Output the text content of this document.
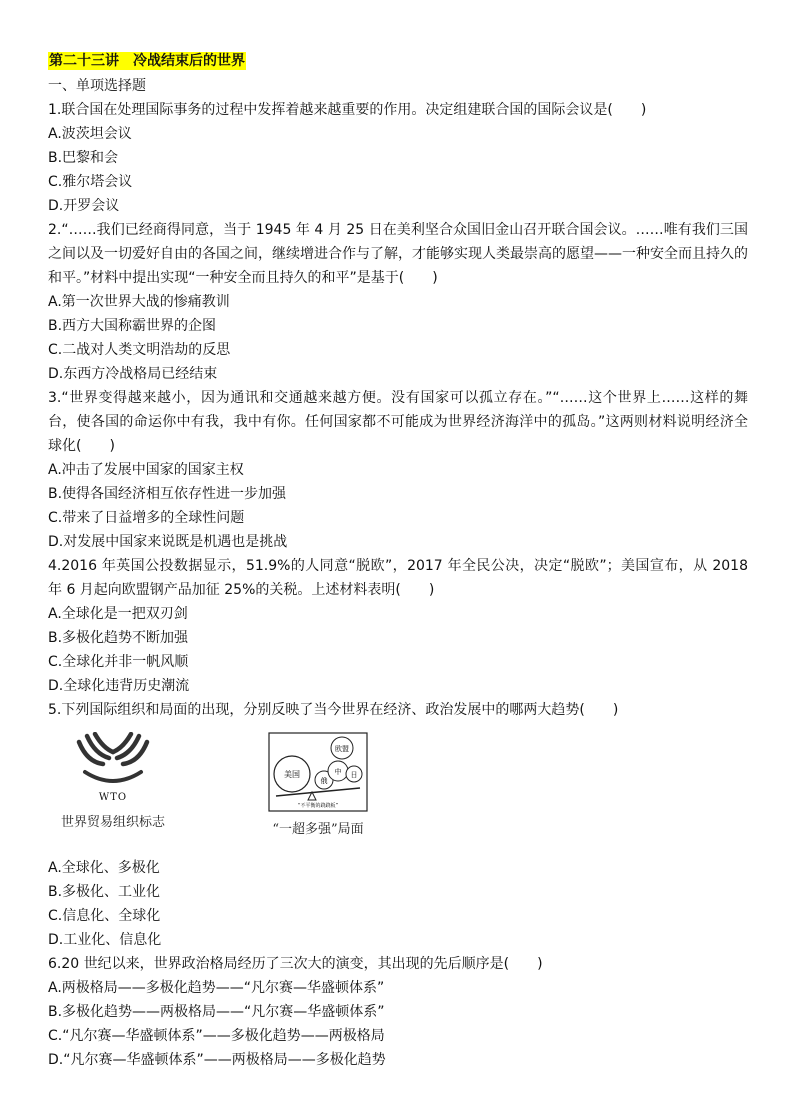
第二十三讲　冷战结束后的世界
一、单项选择题

1.联合国在处理国际事务的过程中发挥着越来越重要的作用。决定组建联合国的国际会议是(　　)

A.波茨坦会议

B.巴黎和会

C.雅尔塔会议

D.开罗会议

2.“……我们已经商得同意，当于 1945 年 4 月 25 日在美利坚合众国旧金山召开联合国会议。……唯有我们三国之间以及一切爱好自由的各国之间，继续增进合作与了解，才能够实现人类最崇高的愿望——一种安全而且持久的和平。”材料中提出实现“一种安全而且持久的和平”是基于(　　)

A.第一次世界大战的惨痛教训

B.西方大国称霸世界的企图

C.二战对人类文明浩劫的反思

D.东西方冷战格局已经结束

3.“世界变得越来越小，因为通讯和交通越来越方便。没有国家可以孤立存在。”“……这个世界上……这样的舞台，使各国的命运你中有我，我中有你。任何国家都不可能成为世界经济海洋中的孤岛。”这两则材料说明经济全球化(　　)

A.冲击了发展中国家的国家主权

B.使得各国经济相互依存性进一步加强

C.带来了日益增多的全球性问题

D.对发展中国家来说既是机遇也是挑战

4.2016 年英国公投数据显示，51.9%的人同意“脱欧”，2017 年全民公决，决定“脱欧”；美国宣布，从 2018 年 6 月起向欧盟钢产品加征 25%的关税。上述材料表明(　　)

A.全球化是一把双刃剑

B.多极化趋势不断加强

C.全球化并非一帆风顺

D.全球化违背历史潮流

5.下列国际组织和局面的出现，分别反映了当今世界在经济、政治发展中的哪两大趋势(　　)

WTO
世界贸易组织标志
美国
俄
中 日
欧盟
“不平衡的跷跷板”
“一超多强”局面

A.全球化、多极化

B.多极化、工业化

C.信息化、全球化

D.工业化、信息化

6.20 世纪以来，世界政治格局经历了三次大的演变，其出现的先后顺序是(　　)

A.两极格局——多极化趋势——“凡尔赛—华盛顿体系”

B.多极化趋势——两极格局——“凡尔赛—华盛顿体系”

C.“凡尔赛—华盛顿体系”——多极化趋势——两极格局

D.“凡尔赛—华盛顿体系”——两极格局——多极化趋势
